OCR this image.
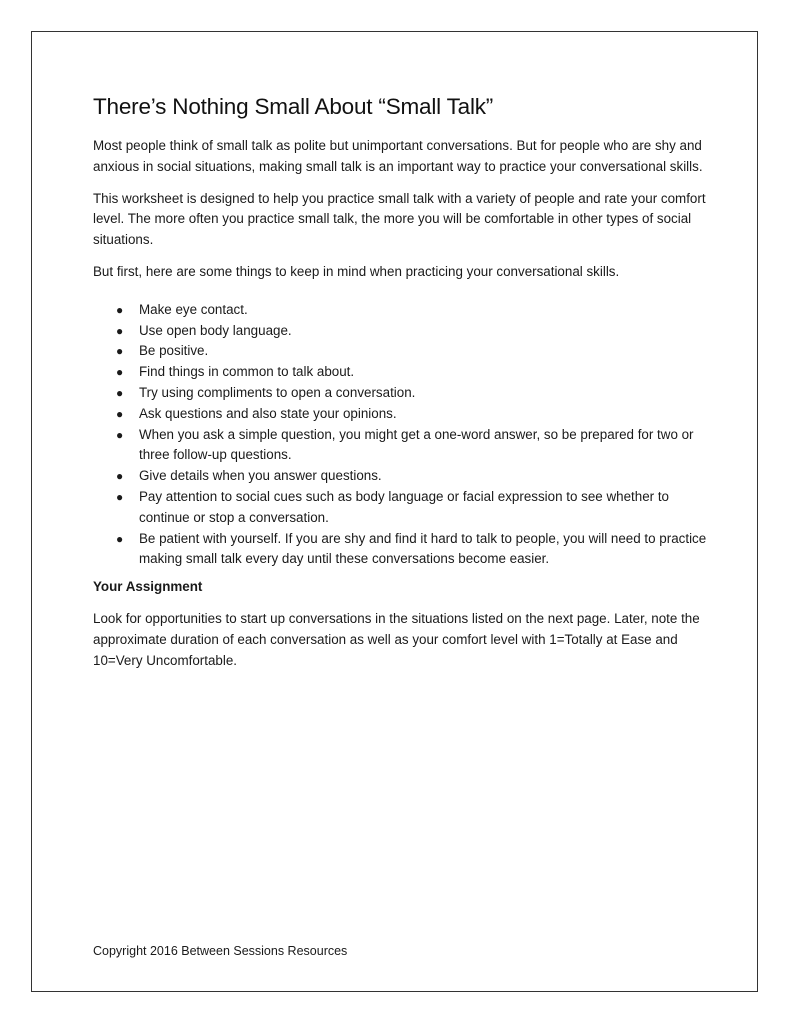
There’s Nothing Small About “Small Talk”

Most people think of small talk as polite but unimportant conversations. But for people who are shy and anxious in social situations, making small talk is an important way to practice your conversational skills.

This worksheet is designed to help you practice small talk with a variety of people and rate your comfort level. The more often you practice small talk, the more you will be comfortable in other types of social situations.

But first, here are some things to keep in mind when practicing your conversational skills.

● Make eye contact.
● Use open body language.
● Be positive.
● Find things in common to talk about.
● Try using compliments to open a conversation.
● Ask questions and also state your opinions.
● When you ask a simple question, you might get a one-word answer, so be prepared for two or three follow-up questions.
● Give details when you answer questions.
● Pay attention to social cues such as body language or facial expression to see whether to continue or stop a conversation.
● Be patient with yourself. If you are shy and find it hard to talk to people, you will need to practice making small talk every day until these conversations become easier.
Your Assignment

Look for opportunities to start up conversations in the situations listed on the next page. Later, note the approximate duration of each conversation as well as your comfort level with 1=Totally at Ease and 10=Very Uncomfortable.

Copyright 2016 Between Sessions Resources
